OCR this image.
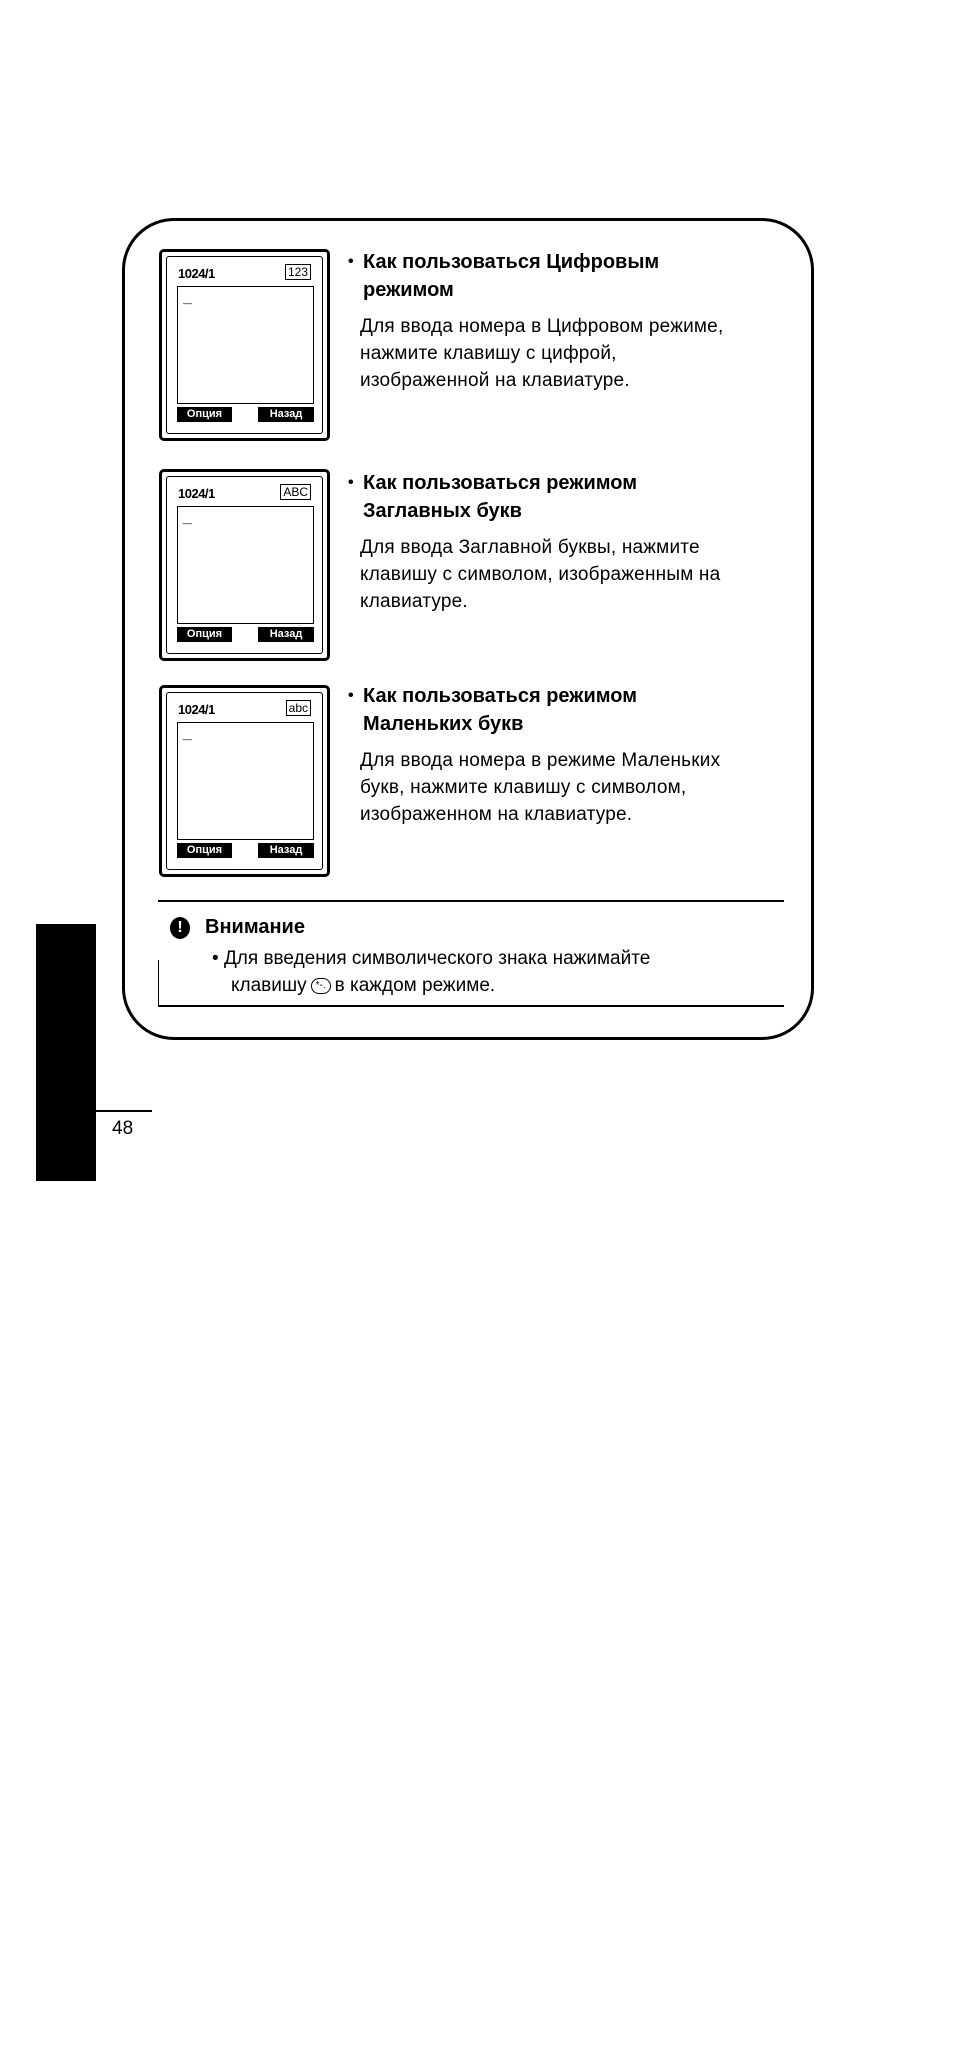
1024/1	123
_
Опция	Назад
1024/1	ABC
_
Опция	Назад
1024/1	abc
_
Опция	Назад
• Как пользоваться Цифровым
режимом
Для ввода номера в Цифровом режиме,
нажмите клавишу с цифрой,
изображенной на клавиатуре.
• Как пользоваться режимом
Заглавных букв
Для ввода Заглавной буквы, нажмите
клавишу с символом, изображенным на
клавиатуре.
• Как пользоваться режимом
Маленьких букв
Для ввода номера в режиме Маленьких
букв, нажмите клавишу с символом,
изображенном на клавиатуре.
!	Внимание
• Для введения символического знака нажимайте
клавишу *-. в каждом режиме.
РУССКИЙ
48
